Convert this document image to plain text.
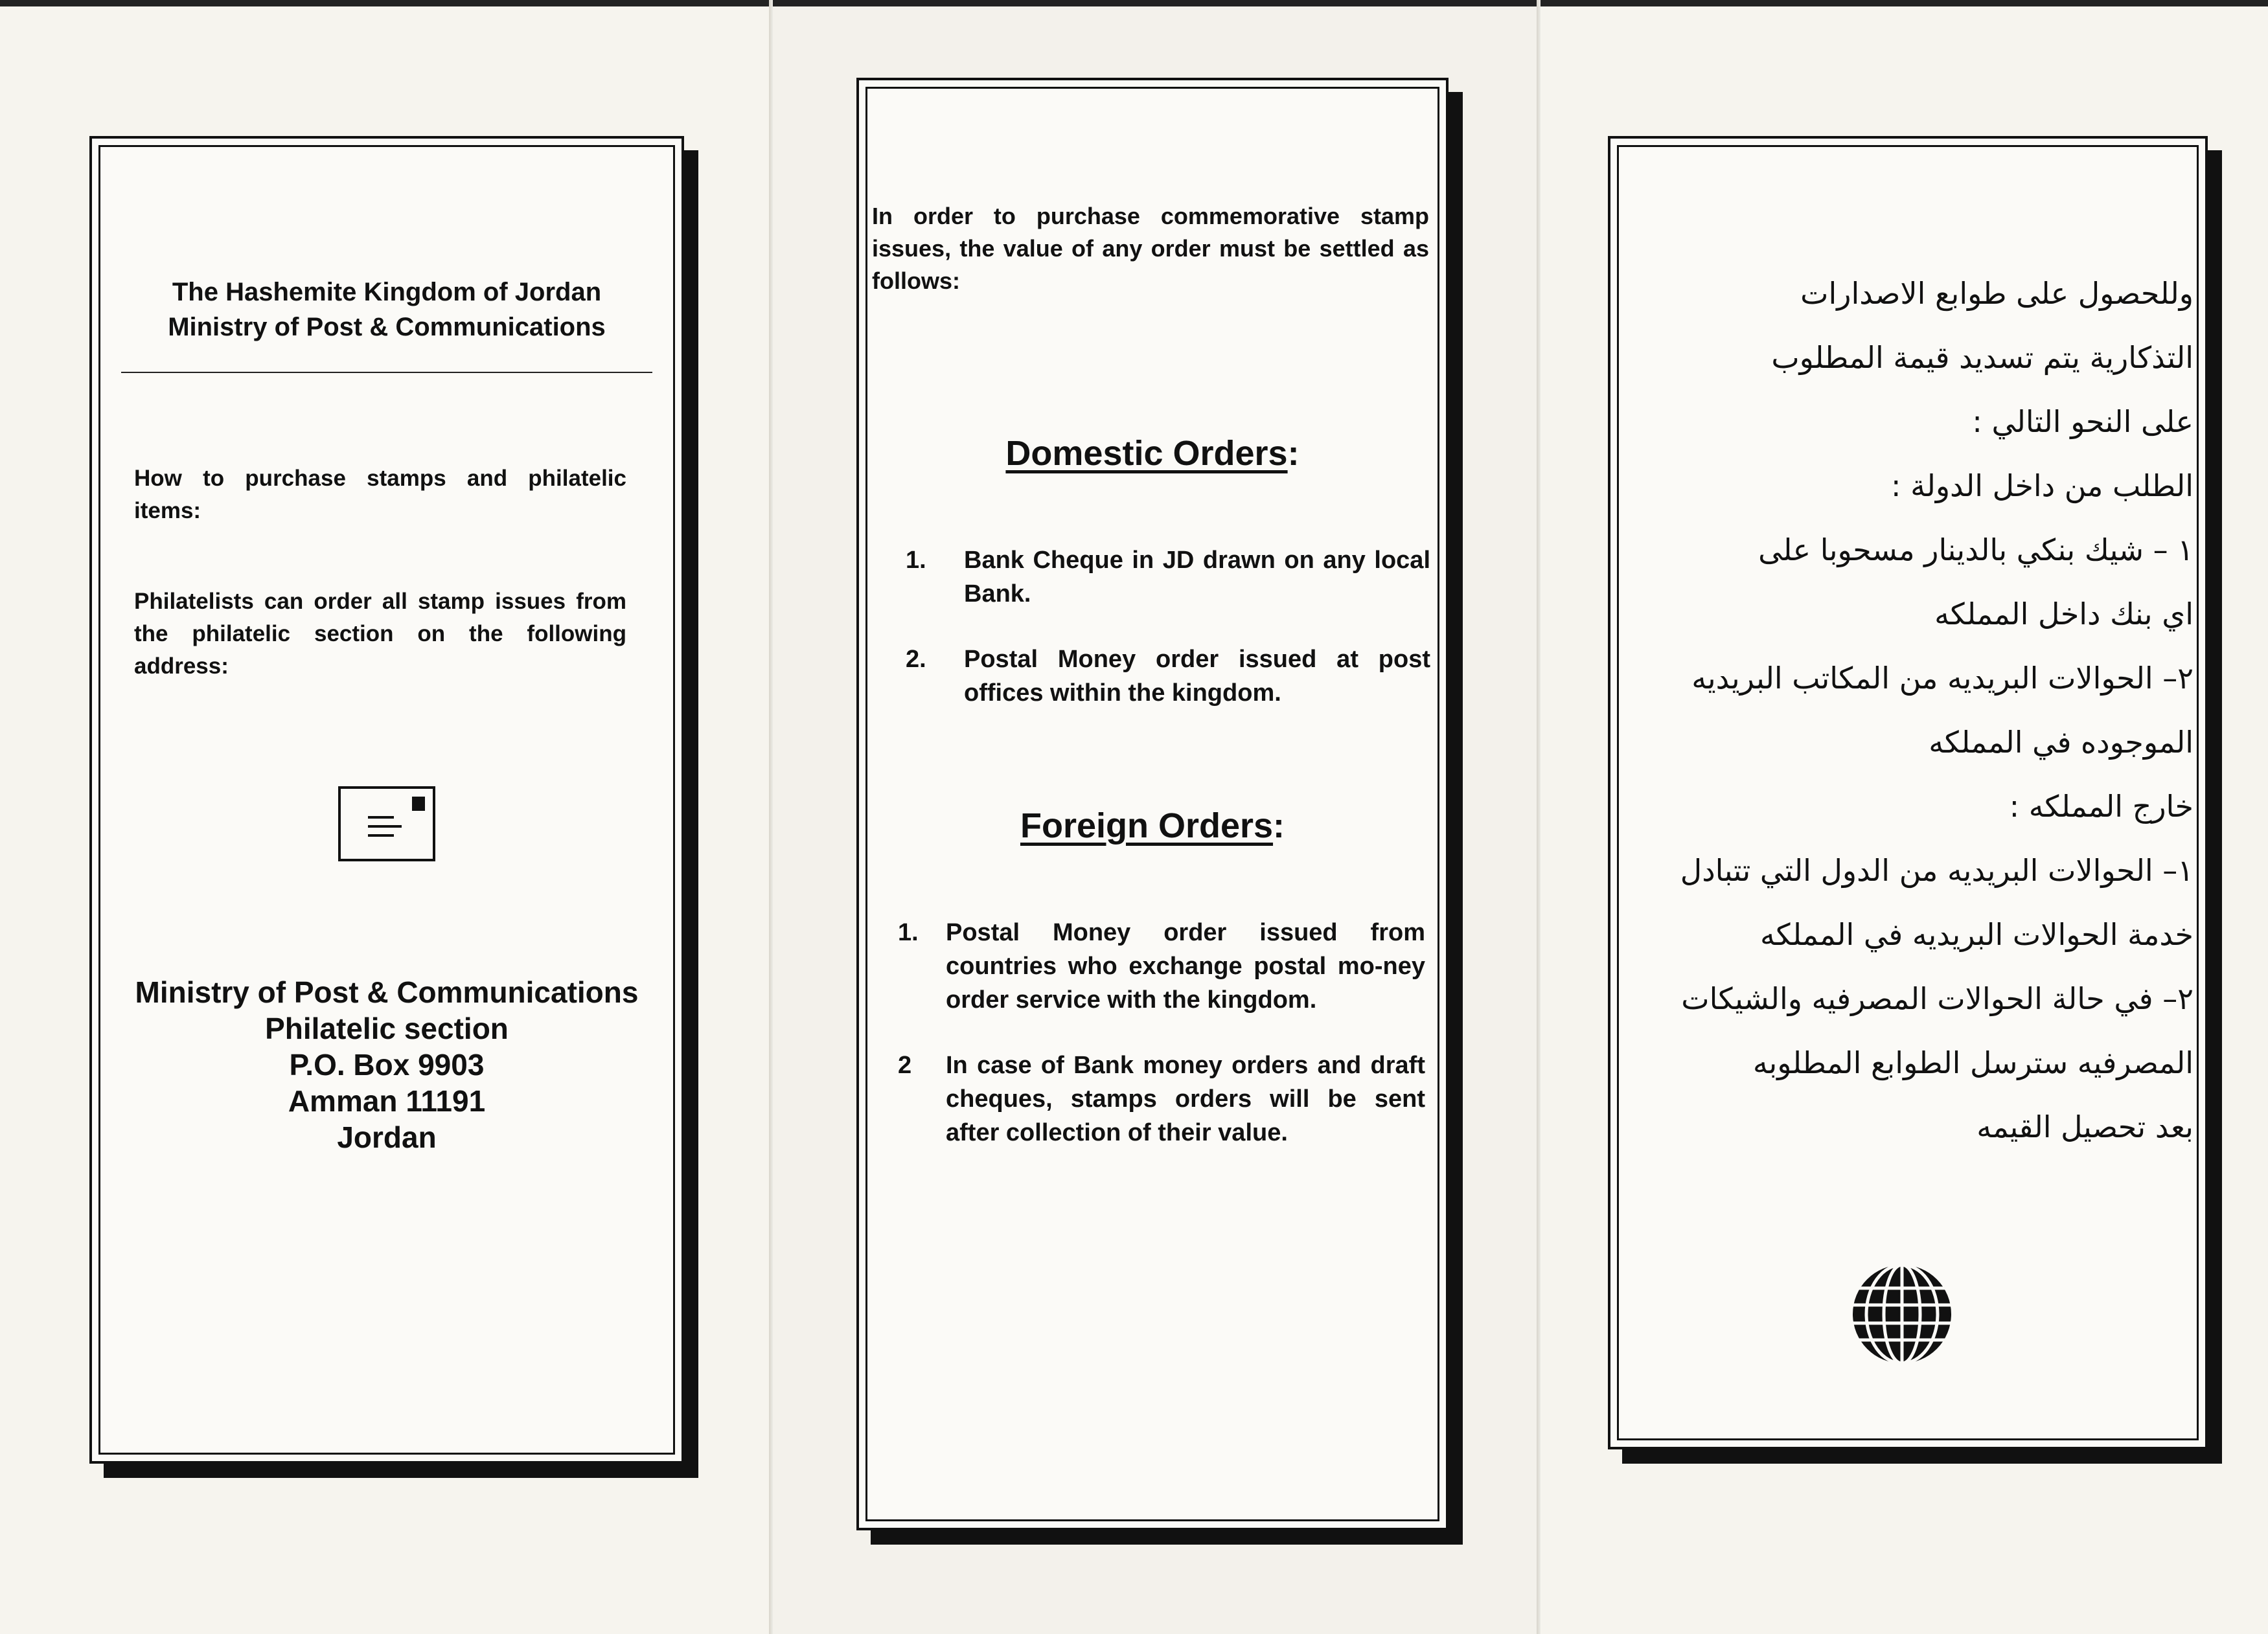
The Hashemite Kingdom of Jordan
Ministry of Post & Communications
How to purchase stamps and philatelic items:
Philatelists can order all stamp issues from the philatelic section on the following address:
Ministry of Post & Communications
Philatelic section
P.O. Box 9903
Amman 11191
Jordan
In order to purchase commemorative stamp issues, the value of any order must be settled as follows:
Domestic Orders:
1. Bank Cheque in JD drawn on any local Bank.
2. Postal Money order issued at post offices within the kingdom.
Foreign Orders:
1. Postal Money order issued from countries who exchange postal mo-ney order service with the kingdom.
2 In case of Bank money orders and draft cheques, stamps orders will be sent after collection of their value.
وللحصول على طوابع الاصدارات
التذكارية يتم تسديد قيمة المطلوب
على النحو التالي :
الطلب من داخل الدولة :
١ – شيك بنكي بالدينار مسحوبا على
اي بنك داخل المملكه
٢– الحوالات البريديه من المكاتب البريديه
الموجوده في المملكه
خارج المملكه :
١– الحوالات البريديه من الدول التي تتبادل
خدمة الحوالات البريديه في المملكه
٢– في حالة الحوالات المصرفيه والشيكات
المصرفيه سترسل الطوابع المطلوبه
بعد تحصيل القيمه
